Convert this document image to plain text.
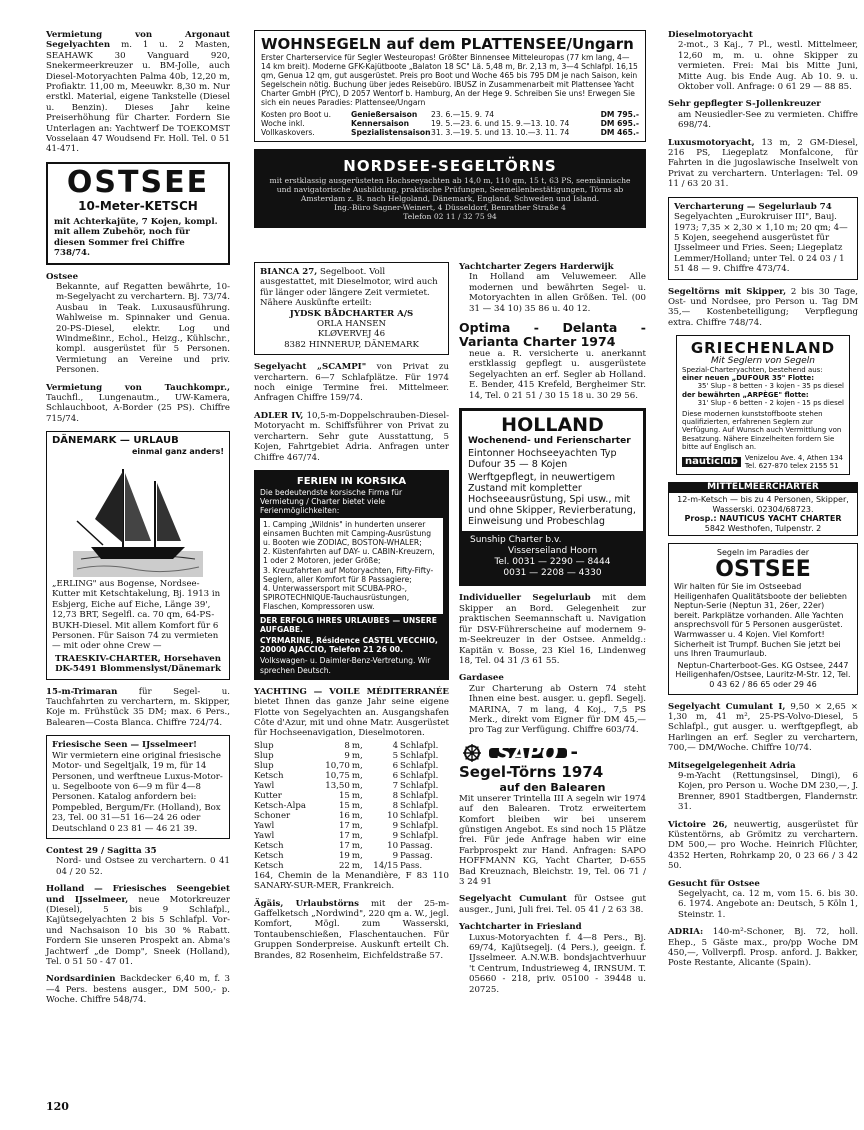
Vermietung von Argonaut Segelyachten m. 1 u. 2 Masten, SEAHAWK 30 Vanguard 920, Snekermeerkreuzer u. BM-Jolle, auch Diesel-Motoryachten Palma 40b, 12,20 m, Profiaktr. 11,00 m, Meeuwkr. 8,30 m. Nur erstkl. Material, eigene Tankstelle (Diesel u. Benzin). Dieses Jahr keine Preiserhöhung für Charter. Fordern Sie Unterlagen an: Yachtwerf De TOEKOMST Vosselaan 47 Woudsend Fr. Holl. Tel. 0 51 41-471.
OSTSEE
10-Meter-KETSCH
mit Achterkajüte, 7 Kojen, kompl. mit allem Zubehör, noch für diesen Sommer frei Chiffre 738/74.
Ostsee
Bekannte, auf Regatten bewährte, 10-m-Segelyacht zu verchartern. Bj. 73/74. Ausbau in Teak. Luxusausführung. Wahlweise m. Spinnaker und Genua. 20-PS-Diesel, elektr. Log und Windmeßinr., Echol., Heizg., Kühlschr., kompl. ausgerüstet für 5 Personen. Vermietung an Vereine und priv. Personen.
Vermietung von Tauchkompr., Tauchfl., Lungenautm., UW-Kamera, Schlauchboot, A-Border (25 PS). Chiffre 715/74.
DÄNEMARK — URLAUB
einmal ganz anders!
„ERLING" aus Bogense, Nordsee-Kutter mit Ketschtakelung, Bj. 1913 in Esbjerg, Eiche auf Eiche, Länge 39', 12,73 BRT, Segelfl. ca. 70 qm, 64-PS-BUKH-Diesel. Mit allem Komfort für 6 Personen. Für Saison 74 zu vermieten — mit oder ohne Crew —
TRAESKIV-CHARTER, Horsehaven DK-5491 Blommenslyst/Dänemark
15-m-Trimaran für Segel- u. Tauchfahrten zu verchartern, m. Skipper, Koje m. Frühstück 35 DM; max. 6 Pers., Balearen—Costa Blanca. Chiffre 724/74.
Friesische Seen — IJsselmeer!
Wir vermietern eine original friesische Motor- und Segeltjalk, 19 m, für 14 Personen, und werftneue Luxus-Motor- u. Segelboote von 6—9 m für 4—8 Personen. Katalog anfordern bei: Pompebled, Bergum/Fr. (Holland), Box 23, Tel. 00 31—51 16—24 26 oder Deutschland 0 23 81 — 46 21 39.
Contest 29 / Sagitta 35
Nord- und Ostsee zu verchartern. 0 41 04 / 20 52.
Holland — Friesisches Seengebiet und IJsselmeer, neue Motorkreuzer (Diesel), 5 bis 9 Schlafpl., Kajütsegelyachten 2 bis 5 Schlafpl. Vor- und Nachsaison 10 bis 30 % Rabatt. Fordern Sie unseren Prospekt an. Abma's Jachtwerf „de Domp", Sneek (Holland), Tel. 0 51 50 - 47 01.
Nordsardinien Backdecker 6,40 m, f. 3—4 Pers. bestens ausger., DM 500,- p. Woche. Chiffre 548/74.
WOHNSEGELN auf dem PLATTENSEE/Ungarn
Erster Charterservice für Segler Westeuropas! Größter Binnensee Mitteleuropas (77 km lang, 4—14 km breit). Moderne GFK-Kajütboote „Balaton 18 SC" Lä. 5,48 m, Br. 2,13 m, 3—4 Schlafpl. 16,15 qm, Genua 12 qm, gut ausgerüstet. Preis pro Boot und Woche 465 bis 795 DM je nach Saison, kein Segelschein nötig. Buchung über jedes Reisebüro. IBUSZ in Zusammenarbeit mit Plattensee Yacht Charter GmbH (PYC), D 2057 Wentorf b. Hamburg, An der Hege 9. Schreiben Sie uns! Erwegen Sie sich ein neues Paradies: Plattensee/Ungarn
Kosten pro Boot u. Woche inkl. Vollkaskovers.
Genießersaison	23. 6.—15. 9. 74	DM 795.-
Kennersaison	19. 5.—23. 6. und 15. 9.—13. 10. 74	DM 695.-
Spezialistensaison 31. 3.—19. 5. und 13. 10.—3. 11. 74	DM 465.-
NORDSEE-SEGELTÖRNS
mit erstklassig ausgerüsteten Hochseeyachten ab 14,0 m, 110 qm, 15 t, 63 PS, seemännische und navigatorische Ausbildung, praktische Prüfungen, Seemeilenbestätigungen, Törns ab Amsterdam z. B. nach Helgoland, Dänemark, England, Schweden und Island.
Ing.-Büro Sagner-Weinert, 4 Düsseldorf, Benrather Straße 4
Telefon 02 11 / 32 75 94
BIANCA 27, Segelboot. Voll ausgestattet, mit Dieselmotor, wird auch für länger oder längere Zeit vermietet. Nähere Auskünfte erteilt:
JYDSK BÅDCHARTER A/S
ORLA HANSEN
KLØVERVEJ 46
8382 HINNERUP, DÄNEMARK
Segelyacht „SCAMPI" von Privat zu verchartern. 6—7 Schlafplätze. Für 1974 noch einige Termine frei. Mittelmeer. Anfragen Chiffre 159/74.
ADLER IV, 10,5-m-Doppelschrauben-Diesel-Motoryacht m. Schiffsführer von Privat zu verchartern. Sehr gute Ausstattung, 5 Kojen, Fahrtgebiet Adria. Anfragen unter Chiffre 467/74.
FERIEN IN KORSIKA
Die bedeutendste korsische Firma für Vermietung / Charter bietet viele Ferienmöglichkeiten:
1. Camping „Wildnis" in hunderten unserer einsamen Buchten mit Camping-Ausrüstung u. Booten wie ZODIAC, BOSTON-WHALER;
2. Küstenfahrten auf DAY- u. CABIN-Kreuzern, 1 oder 2 Motoren, jeder Größe;
3. Kreuzfahrten auf Motoryachten, Fifty-Fifty-Seglern, aller Komfort für 8 Passagiere;
4. Unterwassersport mit SCUBA-PRO-, SPIROTECHNIQUE-Tauchausrüstungen, Flaschen, Kompressoren usw.
DER ERFOLG IHRES URLAUBES — UNSERE AUFGABE.
CYRMARINE, Résidence CASTEL VECCHIO, 20000 AJACCIO, Telefon 21 26 00.
Volkswagen- u. Daimler-Benz-Vertretung. Wir sprechen Deutsch.
YACHTING — VOILE MÉDITERRANÉE bietet Ihnen das ganze Jahr seine eigene Flotte von Segelyachten an. Ausgangshafen Côte d'Azur, mit und ohne Matr. Ausgerüstet für Hochseenavigation, Dieselmotoren.
Slup	8	m,	4	Schlafpl.
Slup	9	m,	5	Schlafpl.
Slup	10,70	m,	6	Schlafpl.
Ketsch	10,75	m,	6	Schlafpl.
Yawl	13,50	m,	7	Schlafpl.
Kutter	15	m,	8	Schlafpl.
Ketsch-Alpa	15	m,	8	Schlafpl.
Schoner	16	m,	10	Schlafpl.
Yawl	17	m,	9	Schlafpl.
Yawl	17	m,	9	Schlafpl.
Ketsch	17	m,	10	Passag.
Ketsch	19	m,	9	Passag.
Ketsch	22	m,	14/15	Pass.
164, Chemin de la Menandière, F 83 110 SANARY-SUR-MER, Frankreich.
Ägäis, Urlaubstörns mit der 25-m-Gaffelketsch „Nordwind", 220 qm a. W., jegl. Komfort, Mögl. zum Wasserski, Tontaubenschießen, Flaschentauchen. Für Gruppen Sonderpreise. Auskunft erteilt Ch. Brandes, 82 Rosenheim, Eichfeldstraße 57.
Yachtcharter Zegers Harderwijk
In Holland am Veluwemeer. Alle modernen und bewährten Segel- u. Motoryachten in allen Größen. Tel. (00 31 — 34 10) 35 86 u. 40 12.
Optima - Delanta - Varianta Charter 1974
neue a. R. versicherte u. anerkannt erstklassig gepflegt u. ausgerüstete Segelyachten an erf. Segler ab Holland. E. Bender, 415 Krefeld, Bergheimer Str. 14, Tel. 0 21 51 / 30 15 18 u. 30 29 56.
HOLLAND
Wochenend- und Ferienscharter
Eintonner Hochseeyachten Typ Dufour 35 — 8 Kojen
Werftgepflegt, in neuwertigem Zustand mit kompletter Hochseeausrüstung, Spi usw., mit und ohne Skipper, Revierberatung, Einweisung und Probeschlag
Sunship Charter b.v.
Visserseiland Hoorn
Tel. 0031 — 2290 — 8444
0031 — 2208 — 4330
Individueller Segelurlaub mit dem Skipper an Bord. Gelegenheit zur praktischen Seemannschaft u. Navigation für DSV-Führerscheine auf modernem 9-m-Seekreuzer in der Ostsee. Anmeldg.: Kapitän v. Bosse, 23 Kiel 16, Lindenweg 18, Tel. 04 31 /3 61 55.
Gardasee
Zur Charterung ab Ostern 74 steht Ihnen eine best. ausger. u. gepfl. Segelj. MARINA, 7 m lang, 4 Koj., 7,5 PS Merk., direkt vom Eigner für DM 45,— pro Tag zur Verfügung. Chiffre 603/74.
SAPO -
Segel-Törns 1974
auf den Balearen
Mit unserer Trintella III A segeln wir 1974 auf den Balearen. Trotz erweitertem Komfort bleiben wir bei unserem günstigen Angebot. Es sind noch 15 Plätze frei. Für jede Anfrage haben wir eine Farbprospekt zur Hand. Anfragen: SAPO HOFFMANN KG, Yacht Charter, D-655 Bad Kreuznach, Bleichstr. 19, Tel. 06 71 / 3 24 91
Segelyacht Cumulant für Ostsee gut ausger., Juni, Juli frei. Tel. 05 41 / 2 63 38.
Yachtcharter in Friesland
Luxus-Motoryachten f. 4—8 Pers., Bj. 69/74, Kajütsegelj. (4 Pers.), geeign. f. IJsselmeer. A.N.W.B. bondsjachtverhuur 't Centrum, Industrieweg 4, IRNSUM. T. 05660 - 218, priv. 05100 - 39448 u. 20725.
Dieselmotoryacht
2-mot., 3 Kaj., 7 Pl., westl. Mittelmeer, 12,60 m, m. u. ohne Skipper zu vermieten. Frei: Mai bis Mitte Juni, Mitte Aug. bis Ende Aug. Ab 10. 9. u. Oktober voll. Anfrage: 0 61 29 — 88 85.
Sehr gepflegter S-Jollenkreuzer
am Neusiedler-See zu vermieten. Chiffre 698/74.
Luxusmotoryacht, 13 m, 2 GM-Diesel, 216 PS, Liegeplatz Monfalcone, für Fahrten in die jugoslawische Inselwelt von Privat zu verchartern. Unterlagen: Tel. 09 11 / 63 20 31.
Vercharterung — Segelurlaub 74
Segelyachten „Eurokruiser III", Bauj. 1973; 7,35 × 2,30 × 1,10 m; 20 qm; 4—5 Kojen, seegehend ausgerüstet für IJsselmeer und Fries. Seen; Liegeplatz Lemmer/Holland; unter Tel. 0 24 03 / 1 51 48 — 9. Chiffre 473/74.
Segeltörns mit Skipper, 2 bis 30 Tage, Ost- und Nordsee, pro Person u. Tag DM 35,— Kostenbeteiligung; Verpflegung extra. Chiffre 748/74.
GRIECHENLAND
Mit Seglern von Segeln
Spezial-Charteryachten, bestehend aus:
einer neuen „DUFOUR 35" Flotte:
35' Slup - 8 betten - 3 kojen - 35 ps diesel
der bewährten „ARPÈGE" flotte:
31' Slup - 6 betten - 2 kojen - 15 ps diesel
Diese modernen kunststoffboote stehen qualifizierten, erfahrenen Seglern zur Verfügung. Auf Wunsch auch Vermittlung von Besatzung. Nähere Einzelheiten fordern Sie bitte auf Englisch an.
nauticlub	Venizelou Ave. 4, Athen 134
Tel. 627-870 telex 2155 51
MITTELMEERCHARTER
12-m-Ketsch — bis zu 4 Personen, Skipper, Wasserski. 02304/68723.
Prosp.: NAUTICUS YACHT CHARTER
5842 Westhofen, Tulpenstr. 2
Segeln im Paradies der
OSTSEE
Wir halten für Sie im Ostseebad Heiligenhafen Qualitätsboote der beliebten Neptun-Serie (Neptun 31, 26er, 22er) bereit. Parkplätze vorhanden. Alle Yachten ansprechsvoll für 5 Personen ausgerüstet. Warmwasser u. 4 Kojen. Viel Komfort! Sicherheit ist Trumpf. Buchen Sie jetzt bei uns Ihren Traumurlaub.
Neptun-Charterboot-Ges. KG Ostsee, 2447 Heiligenhafen/Ostsee, Lauritz-M-Str. 12, Tel. 0 43 62 / 86 65 oder 29 46
Segelyacht Cumulant I, 9,50 × 2,65 × 1,30 m, 41 m², 25-PS-Volvo-Diesel, 5 Schlafpl., gut ausger. u. werftgepflegt, ab Harlingen an erf. Segler zu verchartern, 700,— DM/Woche. Chiffre 10/74.
Mitsegelgelegenheit Adria
9-m-Yacht (Rettungsinsel, Dingi), 6 Kojen, pro Person u. Woche DM 230,—, J. Brenner, 8901 Stadtbergen, Flandernstr. 31.
Victoire 26, neuwertig, ausgerüstet für Küstentörns, ab Grömitz zu verchartern. DM 500,— pro Woche. Heinrich Flüchter, 4352 Herten, Rohrkamp 20, 0 23 66 / 3 42 50.
Gesucht für Ostsee
Segelyacht, ca. 12 m, vom 15. 6. bis 30. 6. 1974. Angebote an: Deutsch, 5 Köln 1, Steinstr. 1.
ADRIA: 140-m²-Schoner, Bj. 72, holl. Ehep., 5 Gäste max., pro/pp Woche DM 450,—, Vollverpfl. Prosp. anford. J. Bakker, Poste Restante, Alicante (Spain).
120
